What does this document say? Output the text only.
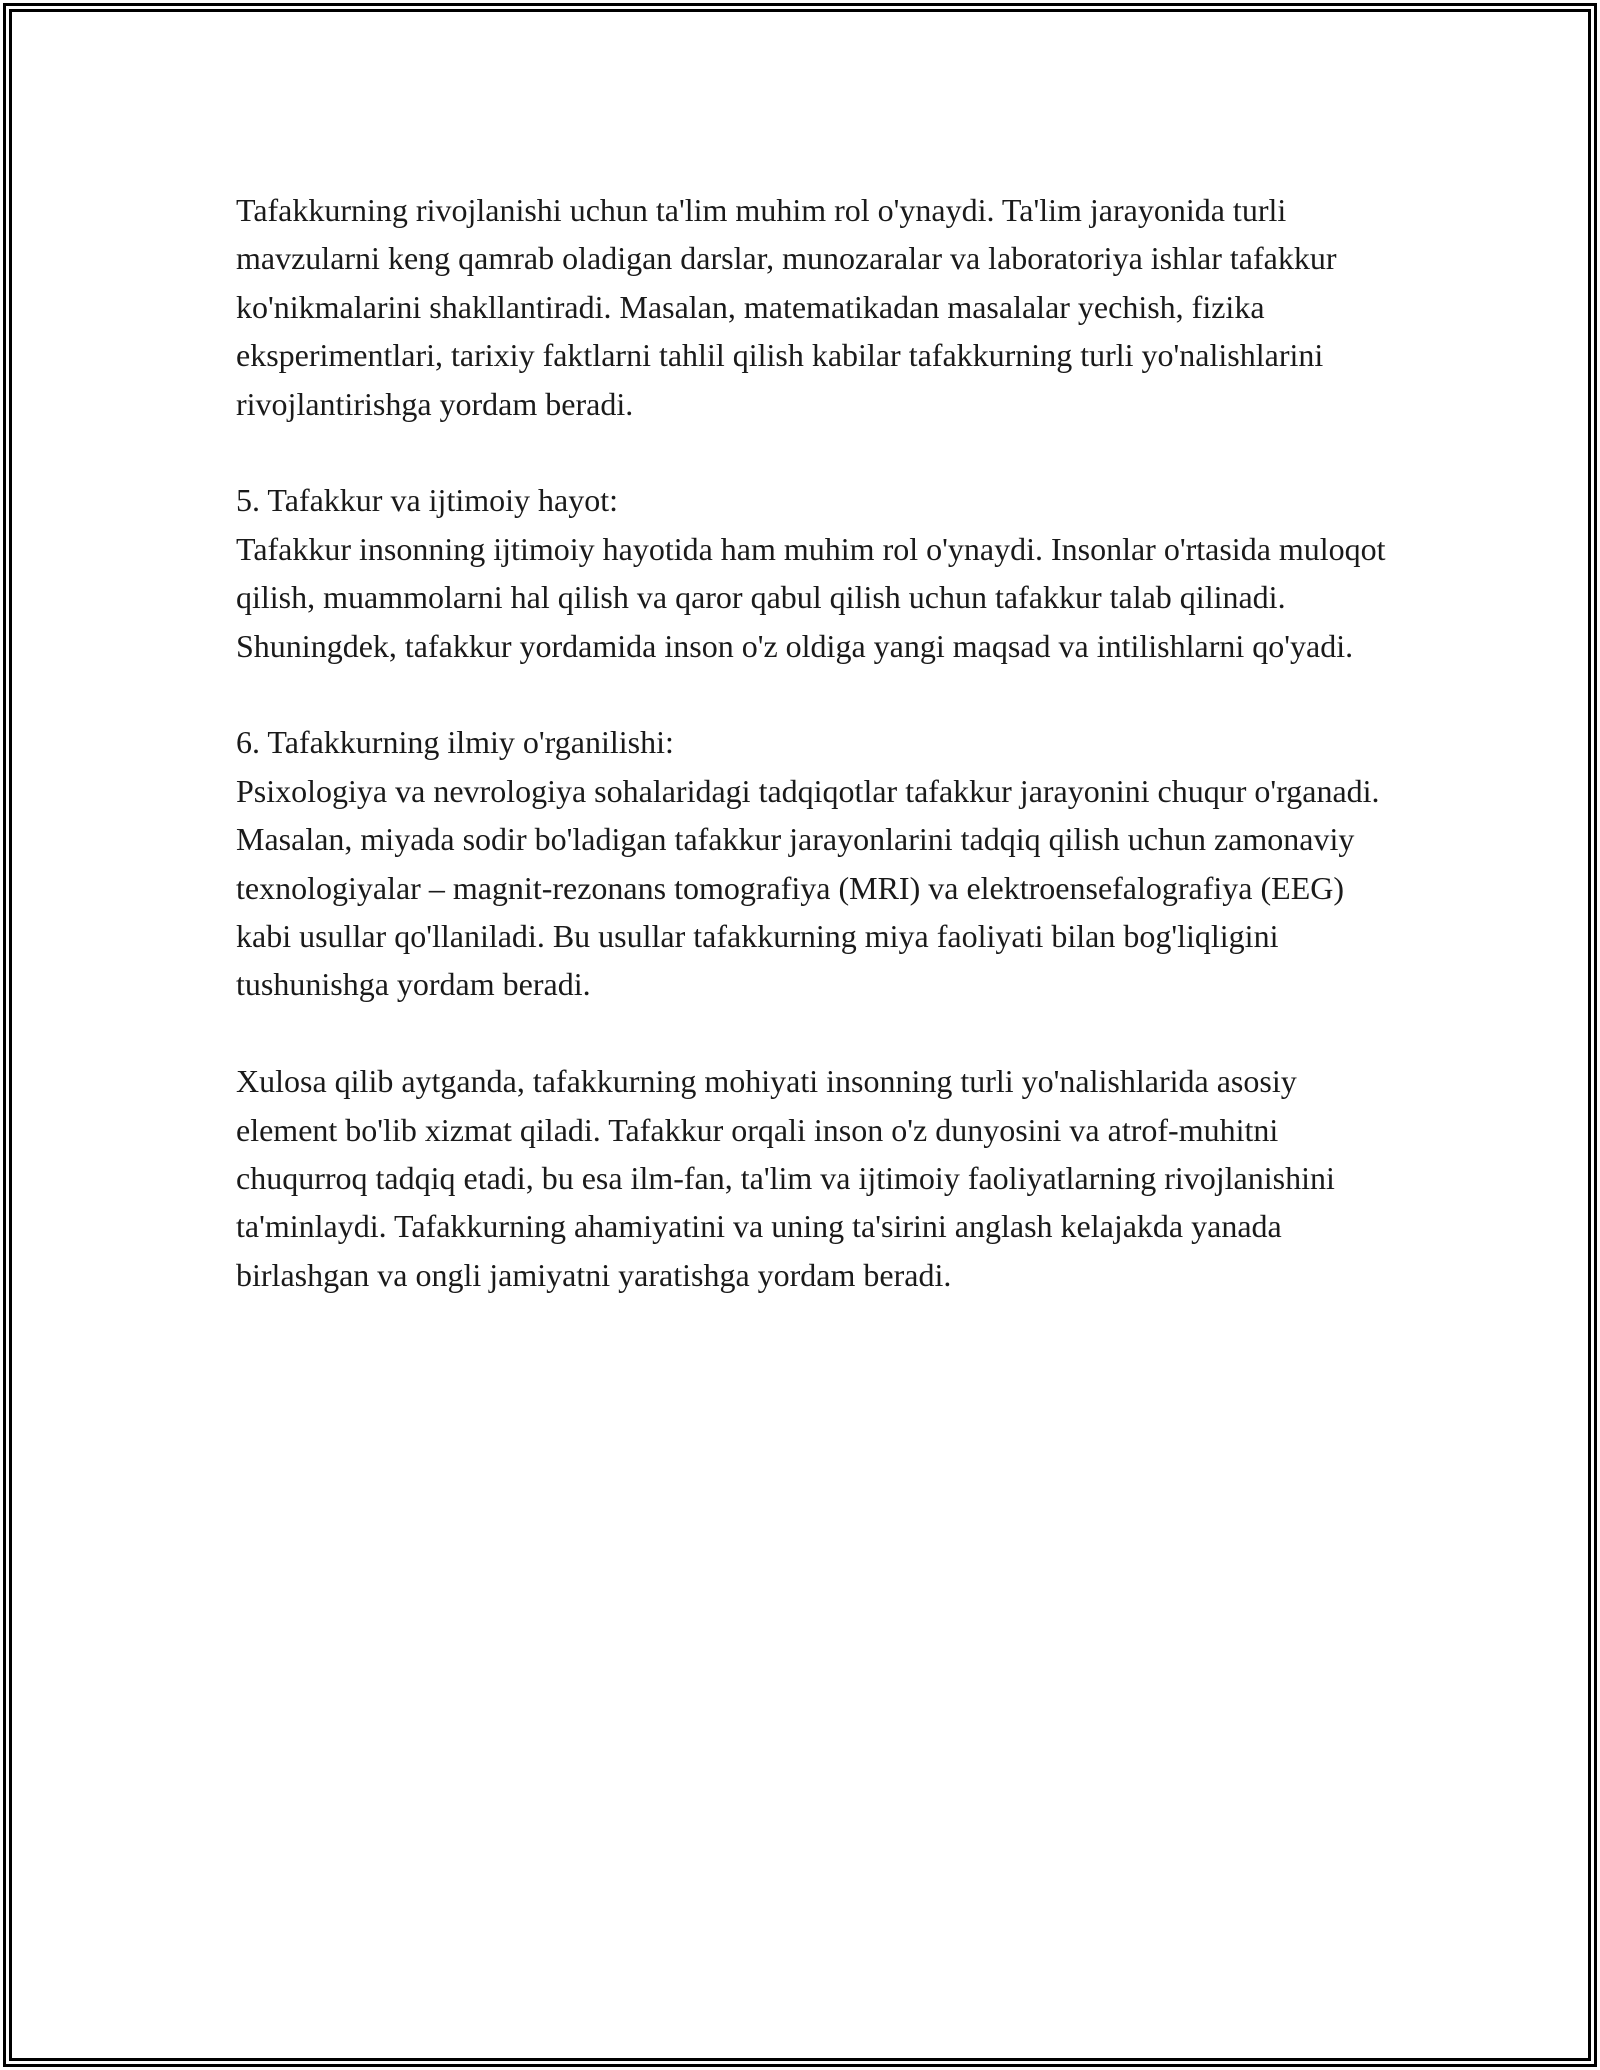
Tafakkurning rivojlanishi uchun ta'lim muhim rol o'ynaydi. Ta'lim jarayonida turli mavzularni keng qamrab oladigan darslar, munozaralar va laboratoriya ishlar tafakkur ko'nikmalarini shakllantiradi. Masalan, matematikadan masalalar yechish, fizika eksperimentlari, tarixiy faktlarni tahlil qilish kabilar tafakkurning turli yo'nalishlarini rivojlantirishga yordam beradi.

5. Tafakkur va ijtimoiy hayot:

Tafakkur insonning ijtimoiy hayotida ham muhim rol o'ynaydi. Insonlar o'rtasida muloqot qilish, muammolarni hal qilish va qaror qabul qilish uchun tafakkur talab qilinadi. Shuningdek, tafakkur yordamida inson o'z oldiga yangi maqsad va intilishlarni qo'yadi.

6. Tafakkurning ilmiy o'rganilishi:

Psixologiya va nevrologiya sohalaridagi tadqiqotlar tafakkur jarayonini chuqur o'rganadi. Masalan, miyada sodir bo'ladigan tafakkur jarayonlarini tadqiq qilish uchun zamonaviy texnologiyalar – magnit-rezonans tomografiya (MRI) va elektroensefalografiya (EEG) kabi usullar qo'llaniladi. Bu usullar tafakkurning miya faoliyati bilan bog'liqligini tushunishga yordam beradi.

Xulosa qilib aytganda, tafakkurning mohiyati insonning turli yo'nalishlarida asosiy element bo'lib xizmat qiladi. Tafakkur orqali inson o'z dunyosini va atrof-muhitni chuqurroq tadqiq etadi, bu esa ilm-fan, ta'lim va ijtimoiy faoliyatlarning rivojlanishini ta'minlaydi. Tafakkurning ahamiyatini va uning ta'sirini anglash kelajakda yanada birlashgan va ongli jamiyatni yaratishga yordam beradi.
